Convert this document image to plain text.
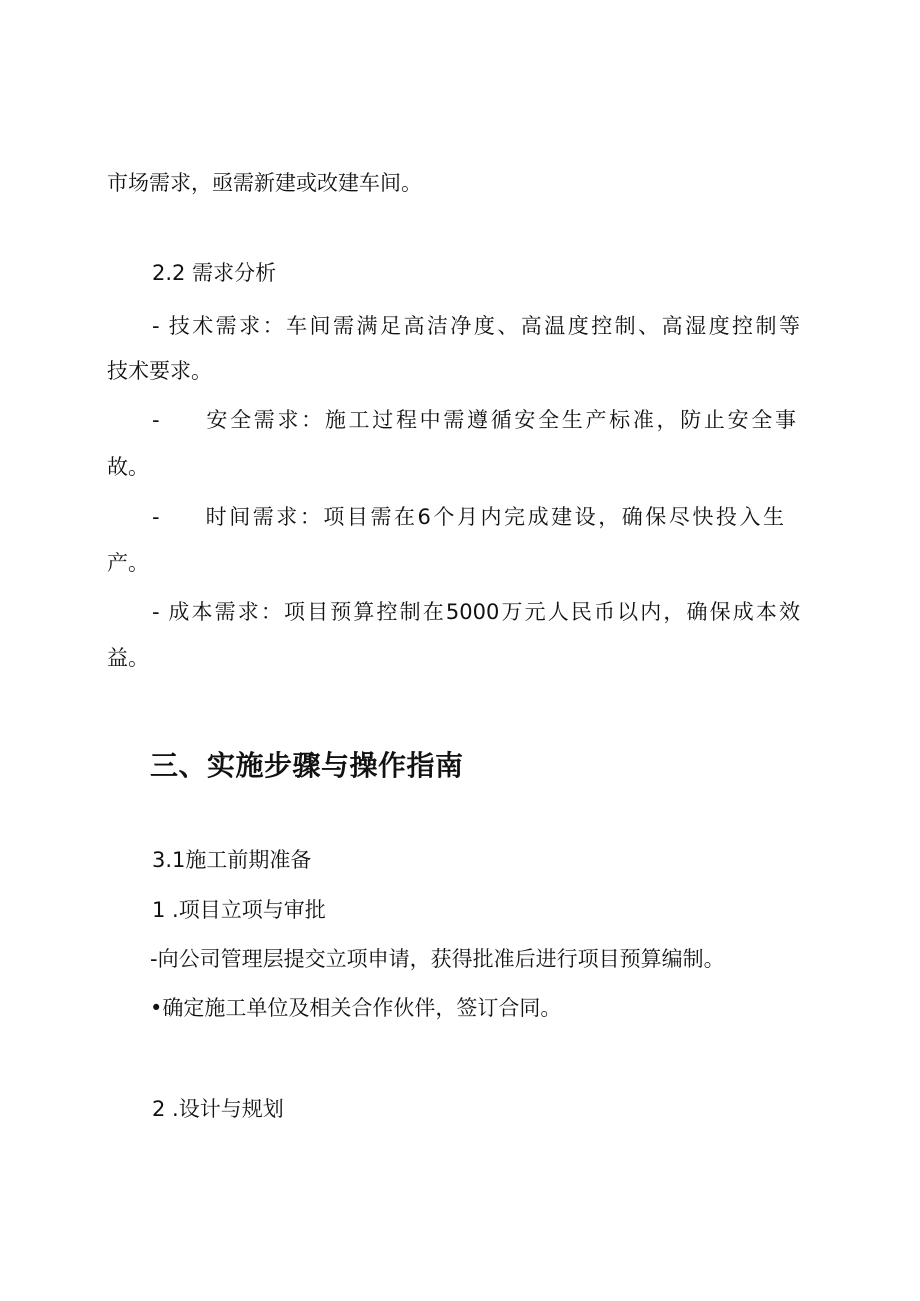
市场需求，亟需新建或改建车间。
2.2 需求分析
- 技术需求：车间需满足高洁净度、高温度控制、高湿度控制等
技术要求。
-     安全需求：施工过程中需遵循安全生产标准，防止安全事
故。
-     时间需求：项目需在6个月内完成建设，确保尽快投入生
产。
- 成本需求：项目预算控制在5000万元人民币以内，确保成本效
益。
三、实施步骤与操作指南
3.1施工前期准备
1 .项目立项与审批
-向公司管理层提交立项申请，获得批准后进行项目预算编制。
•确定施工单位及相关合作伙伴，签订合同。
2 .设计与规划
